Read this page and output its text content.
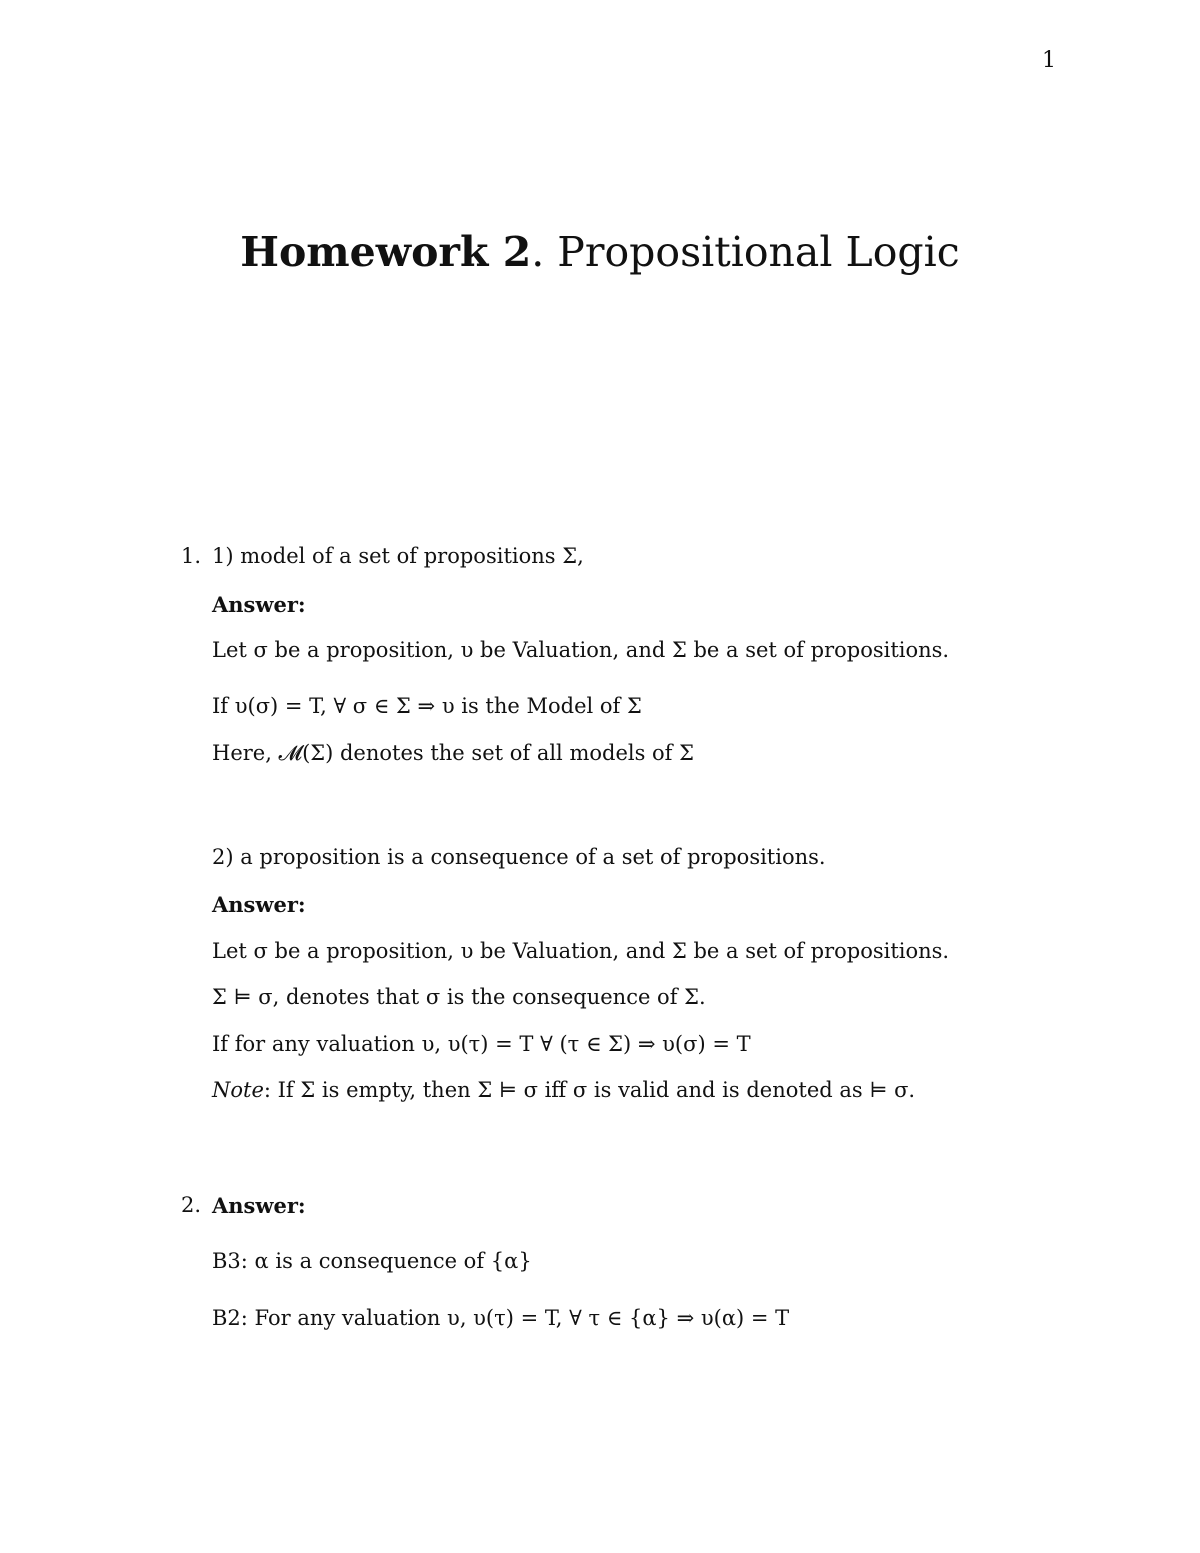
1
Homework 2. Propositional Logic
1. 1) model of a set of propositions Σ,
Answer:
Let σ be a proposition, υ be Valuation, and Σ be a set of propositions.
If υ(σ) = T, ∀ σ ∈ Σ ⇒ υ is the Model of Σ
Here, 𝓜(Σ) denotes the set of all models of Σ
2) a proposition is a consequence of a set of propositions.
Answer:
Let σ be a proposition, υ be Valuation, and Σ be a set of propositions.
Σ ⊨ σ, denotes that σ is the consequence of Σ.
If for any valuation υ, υ(τ) = T ∀ (τ ∈ Σ) ⇒ υ(σ) = T
Note: If Σ is empty, then Σ ⊨ σ iff σ is valid and is denoted as ⊨ σ.
2. Answer:
B3: α is a consequence of {α}
B2: For any valuation υ, υ(τ) = T, ∀ τ ∈ {α} ⇒ υ(α) = T
